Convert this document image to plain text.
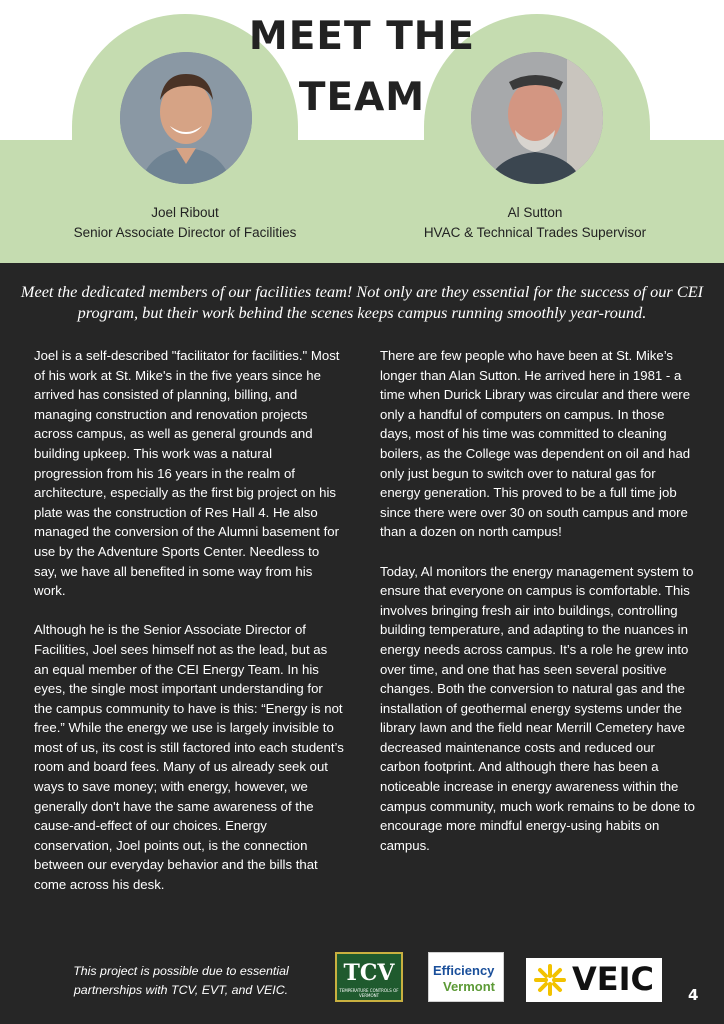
MEET THE TEAM
Joel Ribout
Senior Associate Director of Facilities
Al Sutton
HVAC & Technical Trades Supervisor
Meet the dedicated members of our facilities team! Not only are they essential for the success of our CEI program, but their work behind the scenes keeps campus running smoothly year-round.

Joel is a self-described "facilitator for facilities." Most of his work at St. Mike's in the five years since he arrived has consisted of planning, billing, and managing construction and renovation projects across campus, as well as general grounds and building upkeep. This work was a natural progression from his 16 years in the realm of architecture, especially as the first big project on his plate was the construction of Res Hall 4. He also managed the conversion of the Alumni basement for use by the Adventure Sports Center. Needless to say, we have all benefited in some way from his work.

Although he is the Senior Associate Director of Facilities, Joel sees himself not as the lead, but as an equal member of the CEI Energy Team. In his eyes, the single most important understanding for the campus community to have is this: “Energy is not free.” While the energy we use is largely invisible to most of us, its cost is still factored into each student’s room and board fees. Many of us already seek out ways to save money; with energy, however, we generally don't have the same awareness of the cause-and-effect of our choices. Energy conservation, Joel points out, is the connection between our everyday behavior and the bills that come across his desk.

There are few people who have been at St. Mike’s longer than Alan Sutton. He arrived here in 1981 - a time when Durick Library was circular and there were only a handful of computers on campus. In those days, most of his time was committed to cleaning boilers, as the College was dependent on oil and had only just begun to switch over to natural gas for energy generation. This proved to be a full time job since there were over 30 on south campus and more than a dozen on north campus!

Today, Al monitors the energy management system to ensure that everyone on campus is comfortable. This involves bringing fresh air into buildings, controlling building temperature, and adapting to the nuances in energy needs across campus. It’s a role he grew into over time, and one that has seen several positive changes. Both the conversion to natural gas and the installation of geothermal energy systems under the library lawn and the field near Merrill Cemetery have decreased maintenance costs and reduced our carbon footprint. And although there has been a noticeable increase in energy awareness within the campus community, much work remains to be done to encourage more mindful energy-using habits on campus.

This project is possible due to essential partnerships with TCV, EVT, and VEIC.
TCV
TEMPERATURE CONTROLS OF VERMONT
Efficiency
Vermont VEIC 4
